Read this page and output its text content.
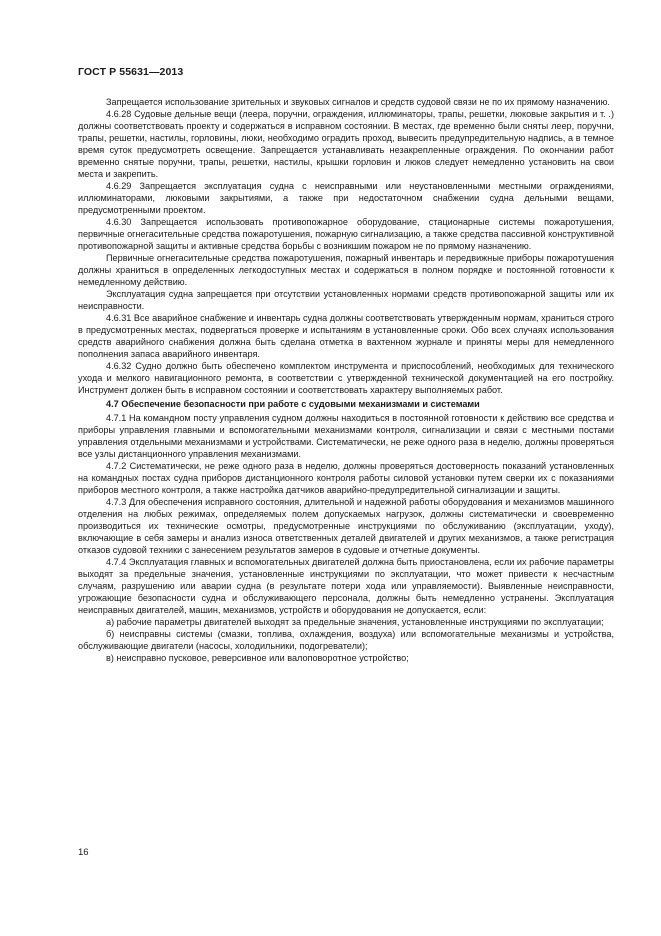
ГОСТ Р 55631—2013

Запрещается использование зрительных и звуковых сигналов и средств судовой связи не по их прямому назначению.

4.6.28 Судовые дельные вещи (леера, поручни, ограждения, иллюминаторы, трапы, решетки, люковые закрытия и т. .) должны соответствовать проекту и содержаться в исправном состоянии. В местах, где временно были сняты леер, поручни, трапы, решетки, настилы, горловины, люки, необходимо оградить проход, вывесить предупредительную надпись, а в темное время суток предусмотреть освещение. Запрещается устанавливать незакрепленные ограждения. По окончании работ временно снятые поручни, трапы, решетки, настилы, крышки горловин и люков следует немедленно установить на свои места и закрепить.

4.6.29 Запрещается эксплуатация судна с неисправными или неустановленными местными ограждениями, иллюминаторами, люковыми закрытиями, а также при недостаточном снабжении судна дельными вещами, предусмотренными проектом.

4.6.30 Запрещается использовать противопожарное оборудование, стационарные системы пожаротушения, первичные огнегасительные средства пожаротушения, пожарную сигнализацию, а также средства пассивной конструктивной противопожарной защиты и активные средства борьбы с возникшим пожаром не по прямому назначению.

Первичные огнегасительные средства пожаротушения, пожарный инвентарь и передвижные приборы пожаротушения должны храниться в определенных легкодоступных местах и содержаться в полном порядке и постоянной готовности к немедленному действию.

Эксплуатация судна запрещается при отсутствии установленных нормами средств противопожарной защиты или их неисправности.

4.6.31 Все аварийное снабжение и инвентарь судна должны соответствовать утвержденным нормам, храниться строго в предусмотренных местах, подвергаться проверке и испытаниям в установленные сроки. Обо всех случаях использования средств аварийного снабжения должна быть сделана отметка в вахтенном журнале и приняты меры для немедленного пополнения запаса аварийного инвентаря.

4.6.32 Судно должно быть обеспечено комплектом инструмента и приспособлений, необходимых для технического ухода и мелкого навигационного ремонта, в соответствии с утвержденной технической документацией на его постройку. Инструмент должен быть в исправном состоянии и соответствовать характеру выполняемых работ.

4.7 Обеспечение безопасности при работе с судовыми механизмами и системами

4.7.1 На командном посту управления судном должны находиться в постоянной готовности к действию все средства и приборы управления главными и вспомогательными механизмами контроля, сигнализации и связи с местными постами управления отдельными механизмами и устройствами. Систематически, не реже одного раза в неделю, должны проверяться все узлы дистанционного управления механизмами.

4.7.2 Систематически, не реже одного раза в неделю, должны проверяться достоверность показаний установленных на командных постах судна приборов дистанционного контроля работы силовой установки путем сверки их с показаниями приборов местного контроля, а также настройка датчиков аварийно-предупредительной сигнализации и защиты.

4.7.3 Для обеспечения исправного состояния, длительной и надежной работы оборудования и механизмов машинного отделения на любых режимах, определяемых полем допускаемых нагрузок, должны систематически и своевременно производиться их технические осмотры, предусмотренные инструкциями по обслуживанию (эксплуатации, уходу), включающие в себя замеры и анализ износа ответственных деталей двигателей и других механизмов, а также регистрация отказов судовой техники с занесением результатов замеров в судовые и отчетные документы.

4.7.4 Эксплуатация главных и вспомогательных двигателей должна быть приостановлена, если их рабочие параметры выходят за предельные значения, установленные инструкциями по эксплуатации, что может привести к несчастным случаям, разрушению или аварии судна (в результате потери хода или управляемости). Выявленные неисправности, угрожающие безопасности судна и обслуживающего персонала, должны быть немедленно устранены. Эксплуатация неисправных двигателей, машин, механизмов, устройств и оборудования не допускается, если:

а) рабочие параметры двигателей выходят за предельные значения, установленные инструкциями по эксплуатации;

б) неисправны системы (смазки, топлива, охлаждения, воздуха) или вспомогательные механизмы и устройства, обслуживающие двигатели (насосы, холодильники, подогреватели);

в) неисправно пусковое, реверсивное или валоповоротное устройство;

16
